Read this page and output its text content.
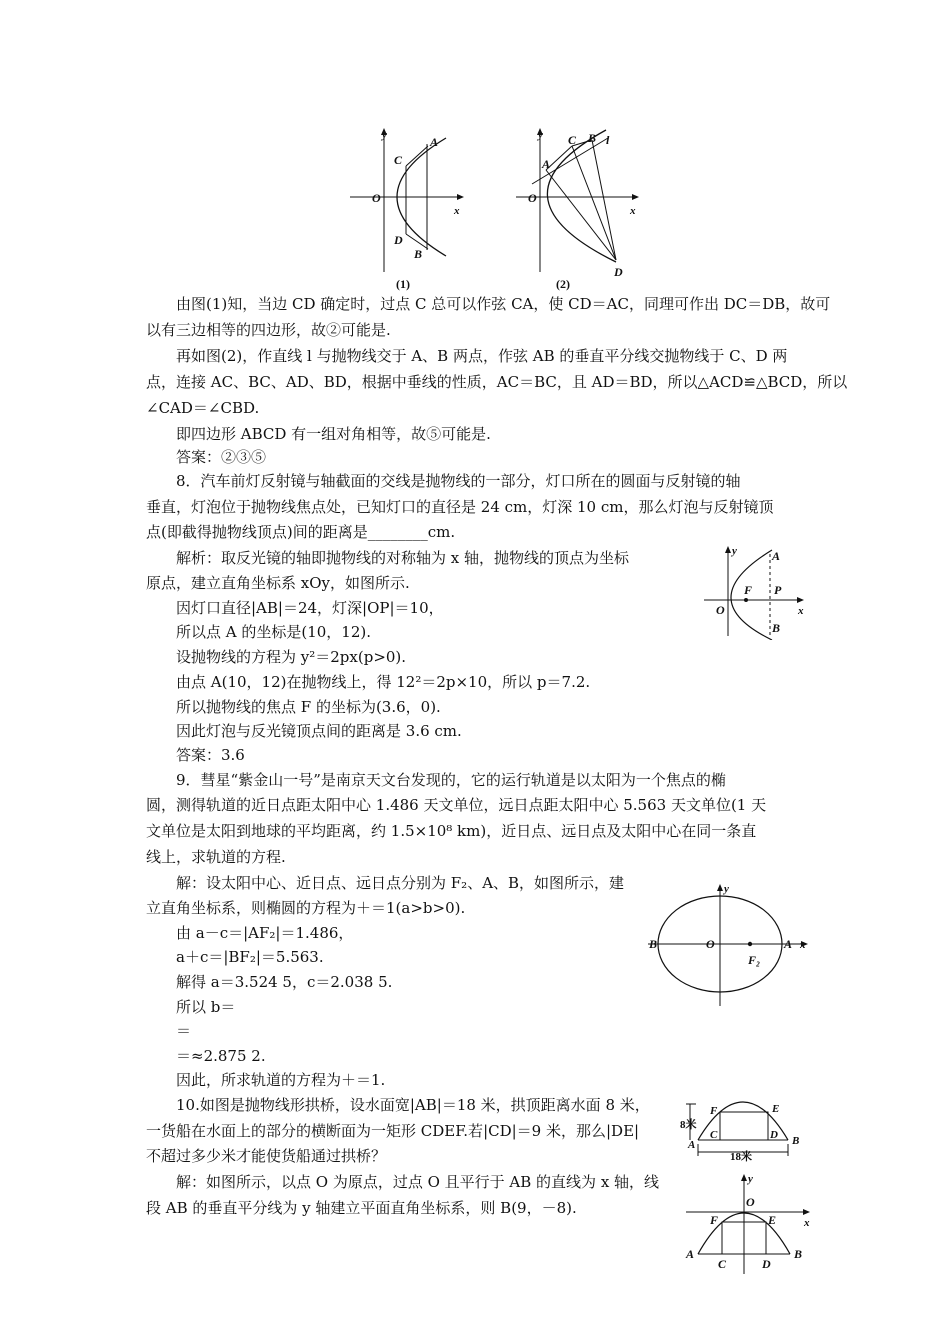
y
x
O
A
C
D
B
(1)
y
x
O
A
C B l
D
(2)
y
x
O
F P
A
B
y
x
O
B	A
F₂
8米
18米
A	B
C	D
E
F
y
x
O
A	B
C	D
E
F
由图(1)知，当边 CD 确定时，过点 C 总可以作弦 CA，使 CD＝AC，同理可作出 DC＝DB，故可
以有三边相等的四边形，故②可能是.
再如图(2)，作直线 l 与抛物线交于 A、B 两点，作弦 AB 的垂直平分线交抛物线于 C、D 两
点，连接 AC、BC、AD、BD，根据中垂线的性质，AC＝BC，且 AD＝BD，所以△ACD≌△BCD，所以
∠CAD＝∠CBD.
即四边形 ABCD 有一组对角相等，故⑤可能是.
答案：②③⑤
8．汽车前灯反射镜与轴截面的交线是抛物线的一部分，灯口所在的圆面与反射镜的轴
垂直，灯泡位于抛物线焦点处，已知灯口的直径是 24 cm，灯深 10 cm，那么灯泡与反射镜顶
点(即截得抛物线顶点)间的距离是________cm.
解析：取反光镜的轴即抛物线的对称轴为 x 轴，抛物线的顶点为坐标
原点，建立直角坐标系 xOy，如图所示.
因灯口直径|AB|＝24，灯深|OP|＝10，
所以点 A 的坐标是(10，12).
设抛物线的方程为 y²＝2px(p>0).
由点 A(10，12)在抛物线上，得 12²＝2p×10，所以 p＝7.2.
所以抛物线的焦点 F 的坐标为(3.6，0).
因此灯泡与反光镜顶点间的距离是 3.6 cm.
答案：3.6
9．彗星“紫金山一号”是南京天文台发现的，它的运行轨道是以太阳为一个焦点的椭
圆，测得轨道的近日点距太阳中心 1.486 天文单位，远日点距太阳中心 5.563 天文单位(1 天
文单位是太阳到地球的平均距离，约 1.5×10⁸ km)，近日点、远日点及太阳中心在同一条直
线上，求轨道的方程.
解：设太阳中心、近日点、远日点分别为 F₂、A、B，如图所示，建
立直角坐标系，则椭圆的方程为＋＝1(a>b>0).
由 a－c＝|AF₂|＝1.486，
a＋c＝|BF₂|＝5.563.
解得 a＝3.524 5，c＝2.038 5.
所以 b＝
＝
＝≈2.875 2.
因此，所求轨道的方程为＋＝1.
10.如图是抛物线形拱桥，设水面宽|AB|＝18 米，拱顶距离水面 8 米，
一货船在水面上的部分的横断面为一矩形 CDEF.若|CD|＝9 米，那么|DE|
不超过多少米才能使货船通过拱桥？
解：如图所示，以点 O 为原点，过点 O 且平行于 AB 的直线为 x 轴，线
段 AB 的垂直平分线为 y 轴建立平面直角坐标系，则 B(9，－8).
